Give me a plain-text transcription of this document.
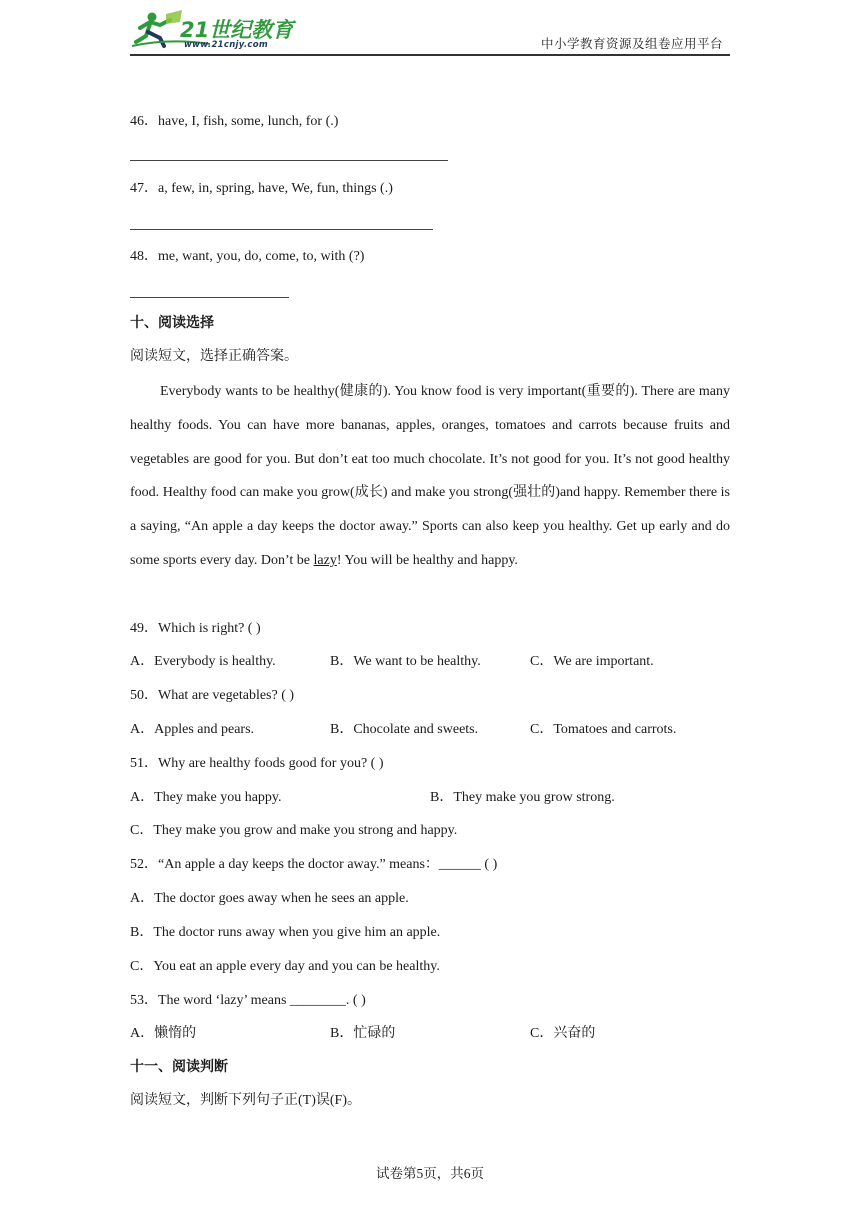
21世纪教育
www.21cnjy.com	中小学教育资源及组卷应用平台
46．have, I, fish, some, lunch, for (.)
47．a, few, in, spring, have, We, fun, things (.)
48．me, want, you, do, come, to, with (?)
十、阅读选择
阅读短文，选择正确答案。

Everybody wants to be healthy(健康的). You know food is very important(重要的). There are many healthy foods. You can have more bananas, apples, oranges, tomatoes and carrots because fruits and vegetables are good for you. But don’t eat too much chocolate. It’s not good for you. It’s not good healthy food. Healthy food can make you grow(成长) and make you strong(强壮的)and happy. Remember there is a saying, “An apple a day keeps the doctor away.” Sports can also keep you healthy. Get up early and do some sports every day. Don’t be lazy! You will be healthy and happy.

49．Which is right? ( )
A．Everybody is healthy.	B．We want to be healthy.	C．We are important.
50．What are vegetables? ( )
A．Apples and pears.	B．Chocolate and sweets.	C．Tomatoes and carrots.
51．Why are healthy foods good for you? ( )
A．They make you happy.	B．They make you grow strong.
C．They make you grow and make you strong and happy.
52．“An apple a day keeps the doctor away.” means：______ ( )
A．The doctor goes away when he sees an apple.
B．The doctor runs away when you give him an apple.
C．You eat an apple every day and you can be healthy.
53．The word ‘lazy’ means ________. ( )
A．懒惰的	B．忙碌的	C．兴奋的
十一、阅读判断
阅读短文，判断下列句子正(T)误(F)。
试卷第5页，共6页
